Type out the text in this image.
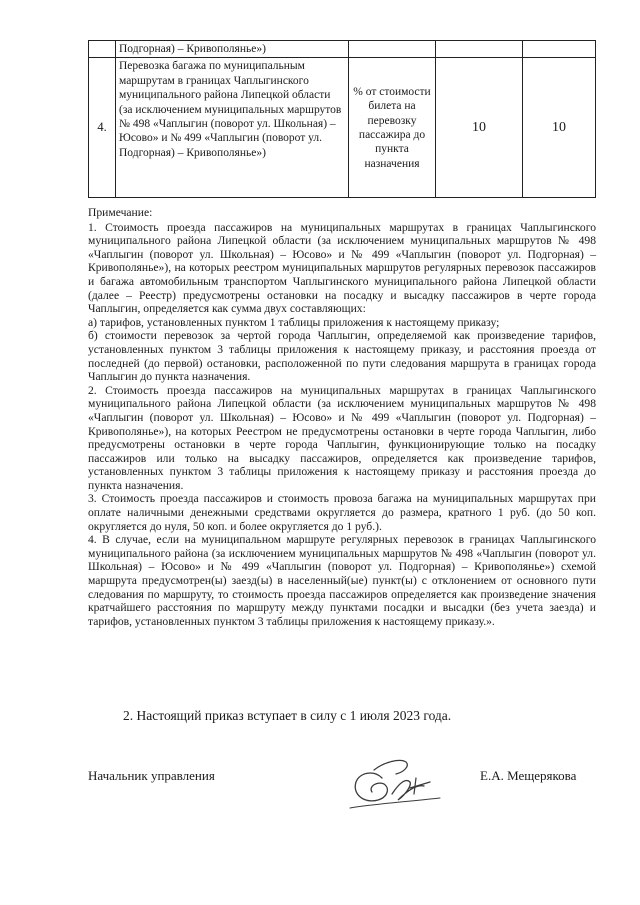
	Подгорная) – Кривополянье»)			
4.	Перевозка багажа по муниципальным маршрутам в границах Чаплыгинского муниципального района Липецкой области (за исключением муниципальных маршрутов № 498 «Чаплыгин (поворот ул. Школьная) – Юсово» и № 499 «Чаплыгин (поворот ул. Подгорная) – Кривополянье»)	% от стоимости билета на перевозку пассажира до пункта назначения	10	10

Примечание:

1. Стоимость проезда пассажиров на муниципальных маршрутах в границах Чаплыгинского муниципального района Липецкой области (за исключением муниципальных маршрутов № 498 «Чаплыгин (поворот ул. Школьная) – Юсово» и № 499 «Чаплыгин (поворот ул. Подгорная) – Кривополянье»), на которых реестром муниципальных маршрутов регулярных перевозок пассажиров и багажа автомобильным транспортом Чаплыгинского муниципального района Липецкой области (далее – Реестр) предусмотрены остановки на посадку и высадку пассажиров в черте города Чаплыгин, определяется как сумма двух составляющих:

а) тарифов, установленных пунктом 1 таблицы приложения к настоящему приказу;

б) стоимости перевозок за чертой города Чаплыгин, определяемой как произведение тарифов, установленных пунктом 3 таблицы приложения к настоящему приказу, и расстояния проезда от последней (до первой) остановки, расположенной по пути следования маршрута в границах города Чаплыгин до пункта назначения.

2. Стоимость проезда пассажиров на муниципальных маршрутах в границах Чаплыгинского муниципального района Липецкой области (за исключением муниципальных маршрутов № 498 «Чаплыгин (поворот ул. Школьная) – Юсово» и № 499 «Чаплыгин (поворот ул. Подгорная) – Кривополянье»), на которых Реестром не предусмотрены остановки в черте города Чаплыгин, либо предусмотрены остановки в черте города Чаплыгин, функционирующие только на посадку пассажиров или только на высадку пассажиров, определяется как произведение тарифов, установленных пунктом 3 таблицы приложения к настоящему приказу и расстояния проезда до пункта назначения.

3. Стоимость проезда пассажиров и стоимость провоза багажа на муниципальных маршрутах при оплате наличными денежными средствами округляется до размера, кратного 1 руб. (до 50 коп. округляется до нуля, 50 коп. и более округляется до 1 руб.).

4. В случае, если на муниципальном маршруте регулярных перевозок в границах Чаплыгинского муниципального района (за исключением муниципальных маршрутов № 498 «Чаплыгин (поворот ул. Школьная) – Юсово» и № 499 «Чаплыгин (поворот ул. Подгорная) – Кривополянье») схемой маршрута предусмотрен(ы) заезд(ы) в населенный(ые) пункт(ы) с отклонением от основного пути следования по маршруту, то стоимость проезда пассажиров определяется как произведение значения кратчайшего расстояния по маршруту между пунктами посадки и высадки (без учета заезда) и тарифов, установленных пунктом 3 таблицы приложения к настоящему приказу.».

2. Настоящий приказ вступает в силу с 1 июля 2023 года.
Начальник управления	Е.А. Мещерякова
